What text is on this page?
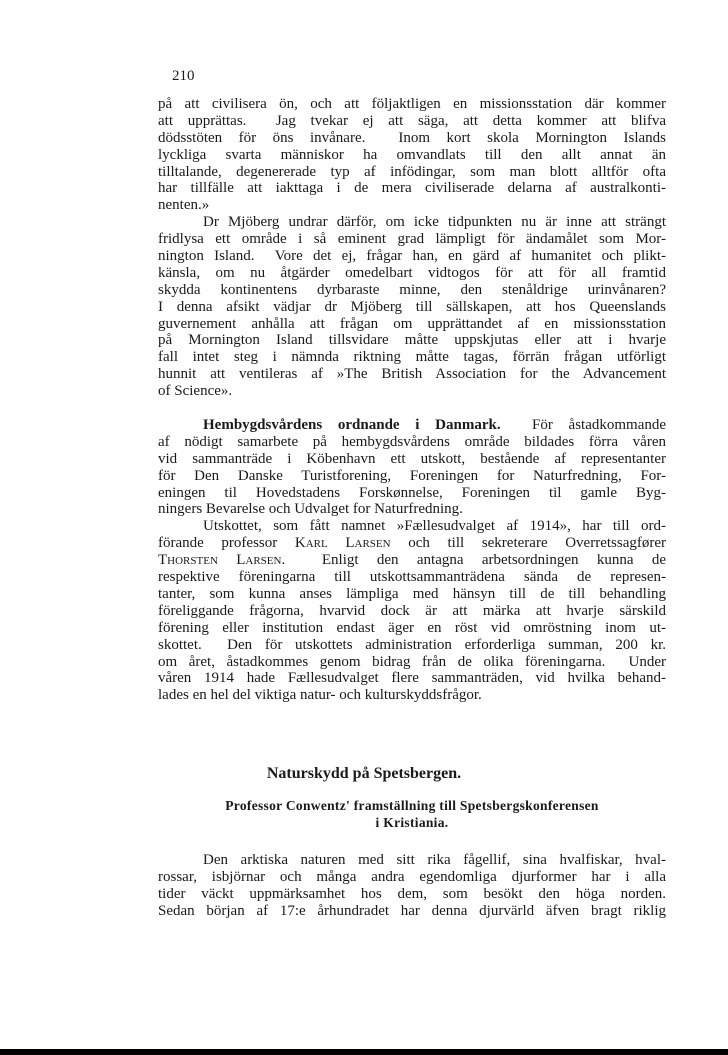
210
på att civilisera ön, och att följaktligen en missionsstation där kommer
att upprättas.  Jag tvekar ej att säga, att detta kommer att blifva
dödsstöten för öns invånare.  Inom kort skola Mornington Islands
lyckliga svarta människor ha omvandlats till den allt annat än
tilltalande, degenererade typ af infödingar, som man blott alltför ofta
har tillfälle att iakttaga i de mera civiliserade delarna af australkonti-
nenten.»
Dr Mjöberg undrar därför, om icke tidpunkten nu är inne att strängt
fridlysa ett område i så eminent grad lämpligt för ändamålet som Mor-
nington Island.  Vore det ej, frågar han, en gärd af humanitet och plikt-
känsla, om nu åtgärder omedelbart vidtogos för att för all framtid
skydda kontinentens dyrbaraste minne, den stenåldrige urinvånaren?
I denna afsikt vädjar dr Mjöberg till sällskapen, att hos Queenslands
guvernement anhålla att frågan om upprättandet af en missionsstation
på Mornington Island tillsvidare måtte uppskjutas eller att i hvarje
fall intet steg i nämnda riktning måtte tagas, förrän frågan utförligt
hunnit att ventileras af »The British Association for the Advancement
of Science».
Hembygdsvårdens ordnande i Danmark.  För åstadkommande
af nödigt samarbete på hembygdsvårdens område bildades förra våren
vid sammanträde i Köbenhavn ett utskott, bestående af representanter
för Den Danske Turistforening, Foreningen for Naturfredning, For-
eningen til Hovedstadens Forskønnelse, Foreningen til gamle Byg-
ningers Bevarelse och Udvalget for Naturfredning.
Utskottet, som fått namnet »Fællesudvalget af 1914», har till ord-
förande professor Karl Larsen och till sekreterare Overretssagfører
Thorsten Larsen.  Enligt den antagna arbetsordningen kunna de
respektive föreningarna till utskottsammanträdena sända de represen-
tanter, som kunna anses lämpliga med hänsyn till de till behandling
föreliggande frågorna, hvarvid dock är att märka att hvarje särskild
förening eller institution endast äger en röst vid omröstning inom ut-
skottet.  Den för utskottets administration erforderliga summan, 200 kr.
om året, åstadkommes genom bidrag från de olika föreningarna.  Under
våren 1914 hade Fællesudvalget flere sammanträden, vid hvilka behand-
lades en hel del viktiga natur- och kulturskyddsfrågor.
Naturskydd på Spetsbergen.
Professor Conwentz' framställning till Spetsbergskonferensen
i Kristiania.
Den arktiska naturen med sitt rika fågellif, sina hvalfiskar, hval-
rossar, isbjörnar och många andra egendomliga djurformer har i alla
tider väckt uppmärksamhet hos dem, som besökt den höga norden.
Sedan början af 17:e århundradet har denna djurvärld äfven bragt riklig
